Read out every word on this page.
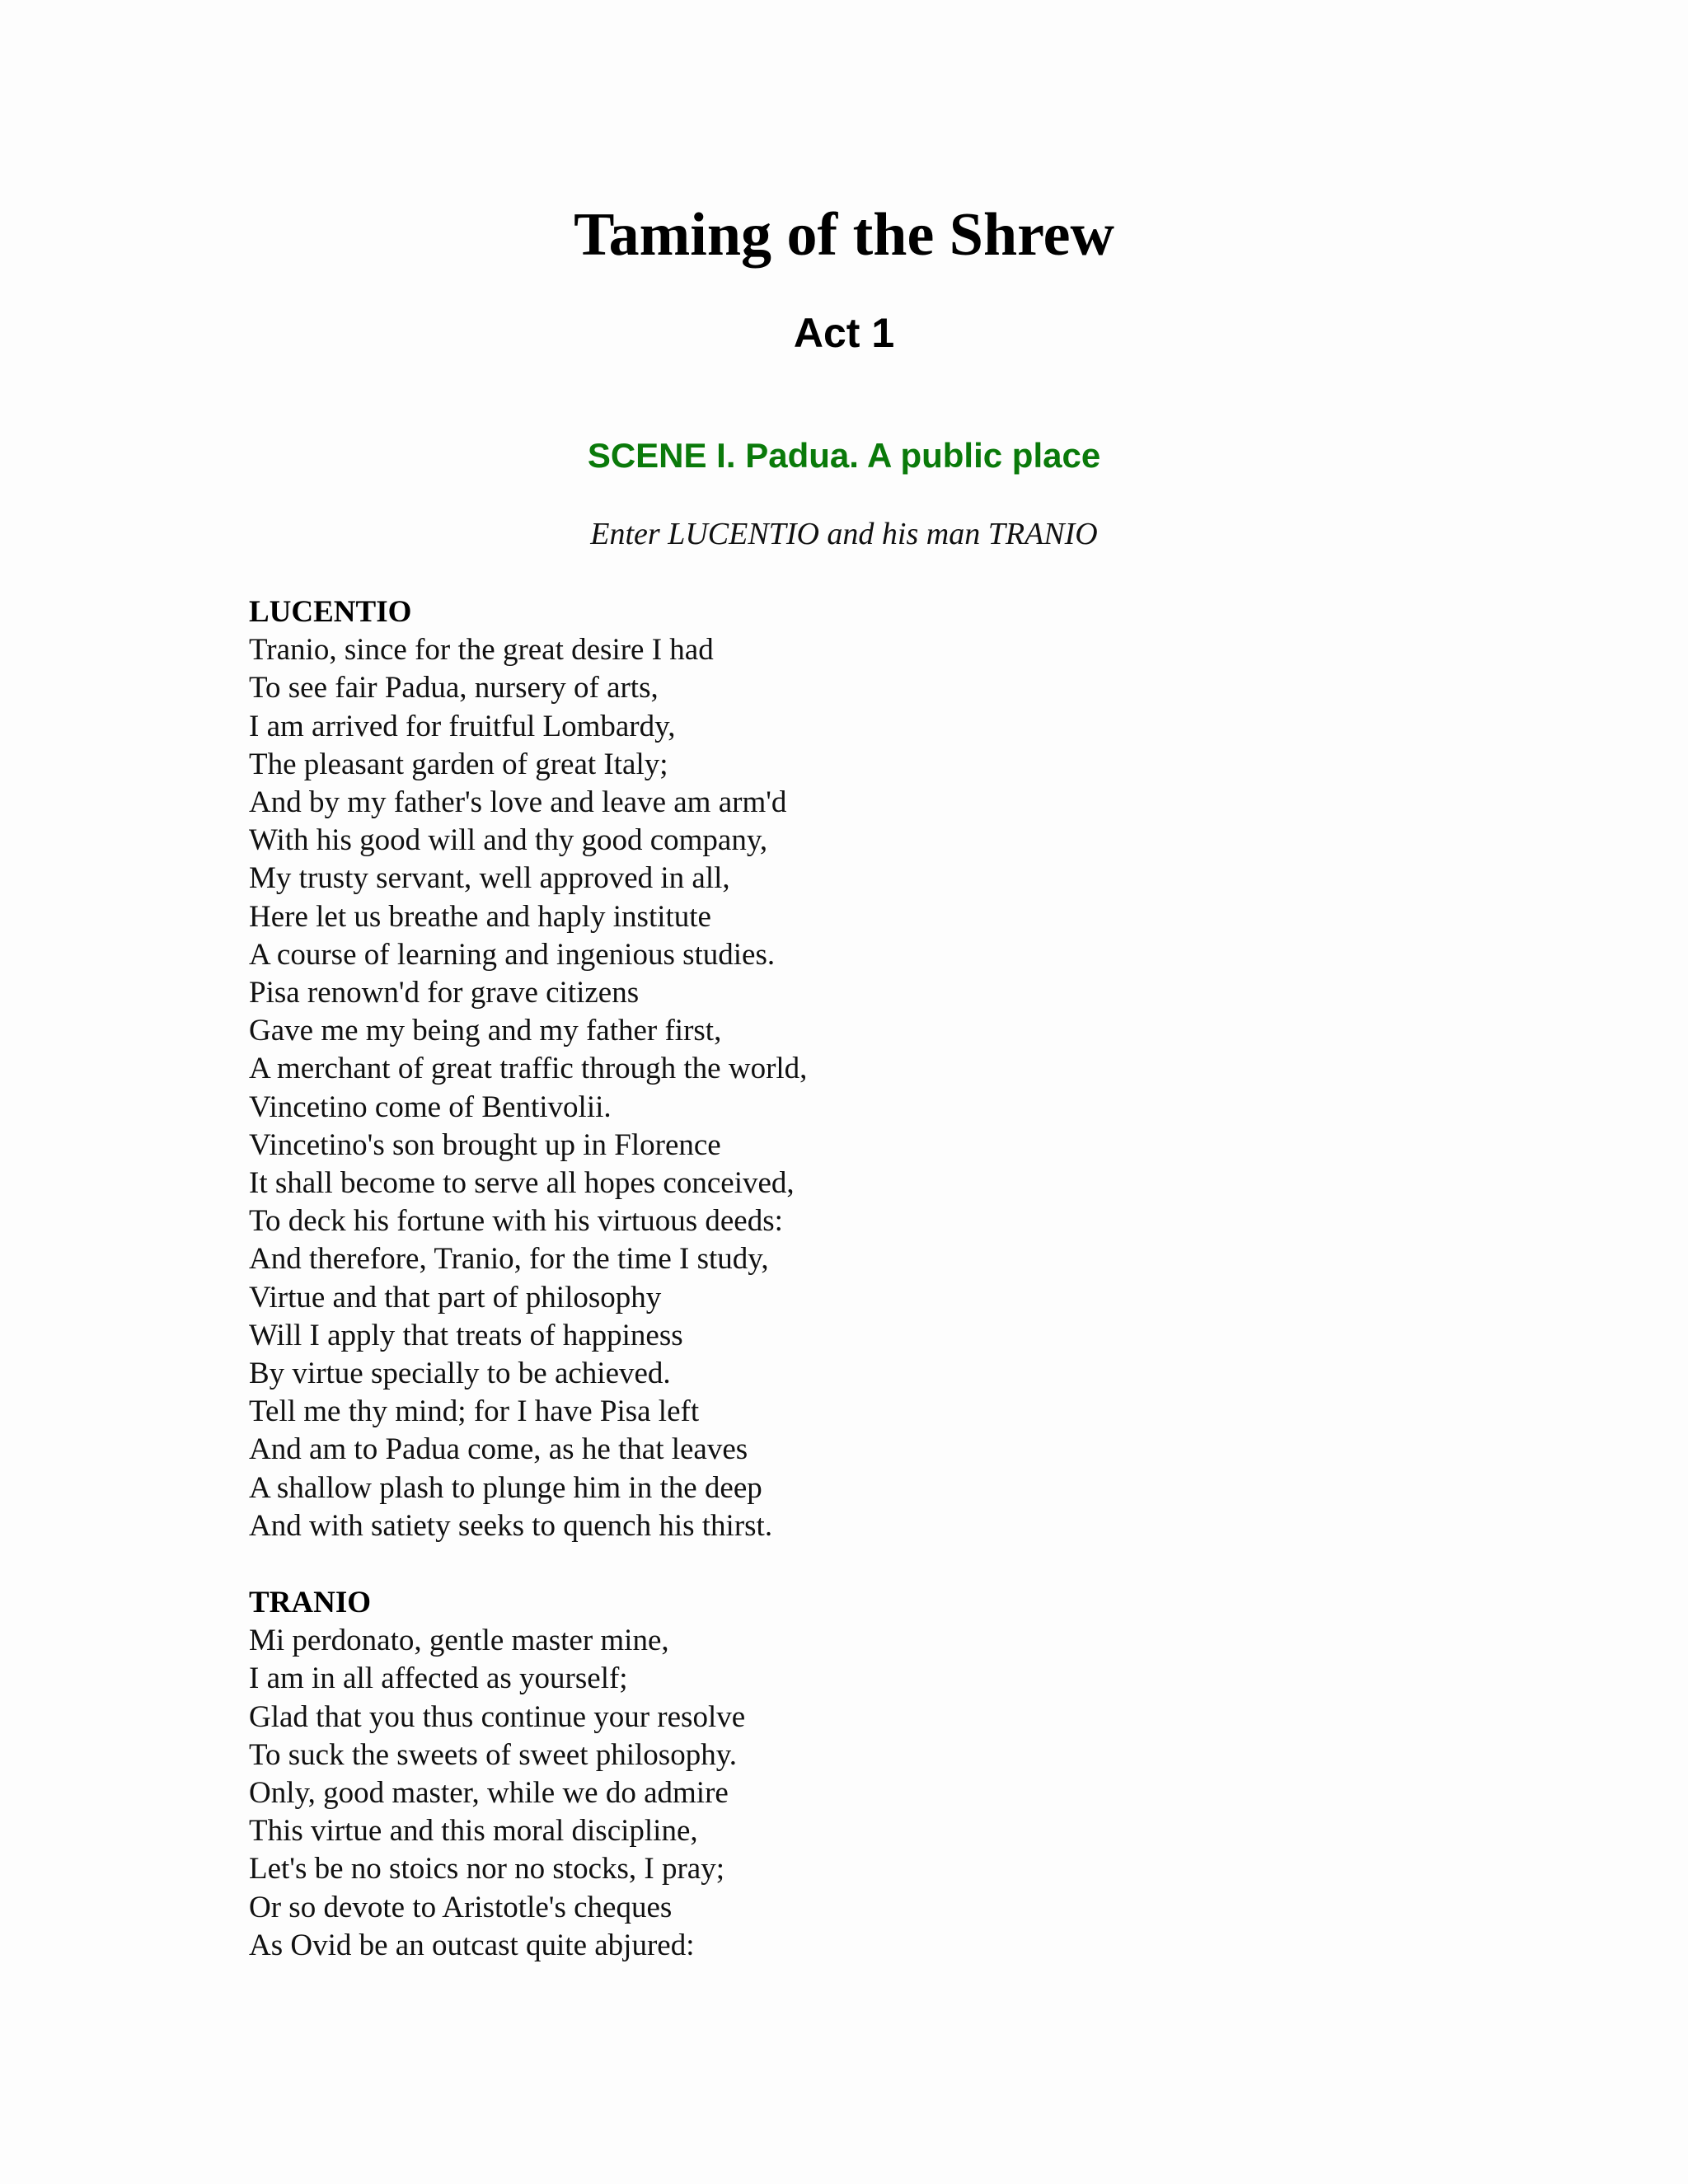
Taming of the Shrew
Act 1
SCENE I. Padua. A public place

Enter LUCENTIO and his man TRANIO

LUCENTIO
Tranio, since for the great desire I had
To see fair Padua, nursery of arts,
I am arrived for fruitful Lombardy,
The pleasant garden of great Italy;
And by my father's love and leave am arm'd
With his good will and thy good company,
My trusty servant, well approved in all,
Here let us breathe and haply institute
A course of learning and ingenious studies.
Pisa renown'd for grave citizens
Gave me my being and my father first,
A merchant of great traffic through the world,
Vincetino come of Bentivolii.
Vincetino's son brought up in Florence
It shall become to serve all hopes conceived,
To deck his fortune with his virtuous deeds:
And therefore, Tranio, for the time I study,
Virtue and that part of philosophy
Will I apply that treats of happiness
By virtue specially to be achieved.
Tell me thy mind; for I have Pisa left
And am to Padua come, as he that leaves
A shallow plash to plunge him in the deep
And with satiety seeks to quench his thirst.
TRANIO
Mi perdonato, gentle master mine,
I am in all affected as yourself;
Glad that you thus continue your resolve
To suck the sweets of sweet philosophy.
Only, good master, while we do admire
This virtue and this moral discipline,
Let's be no stoics nor no stocks, I pray;
Or so devote to Aristotle's cheques
As Ovid be an outcast quite abjured:
